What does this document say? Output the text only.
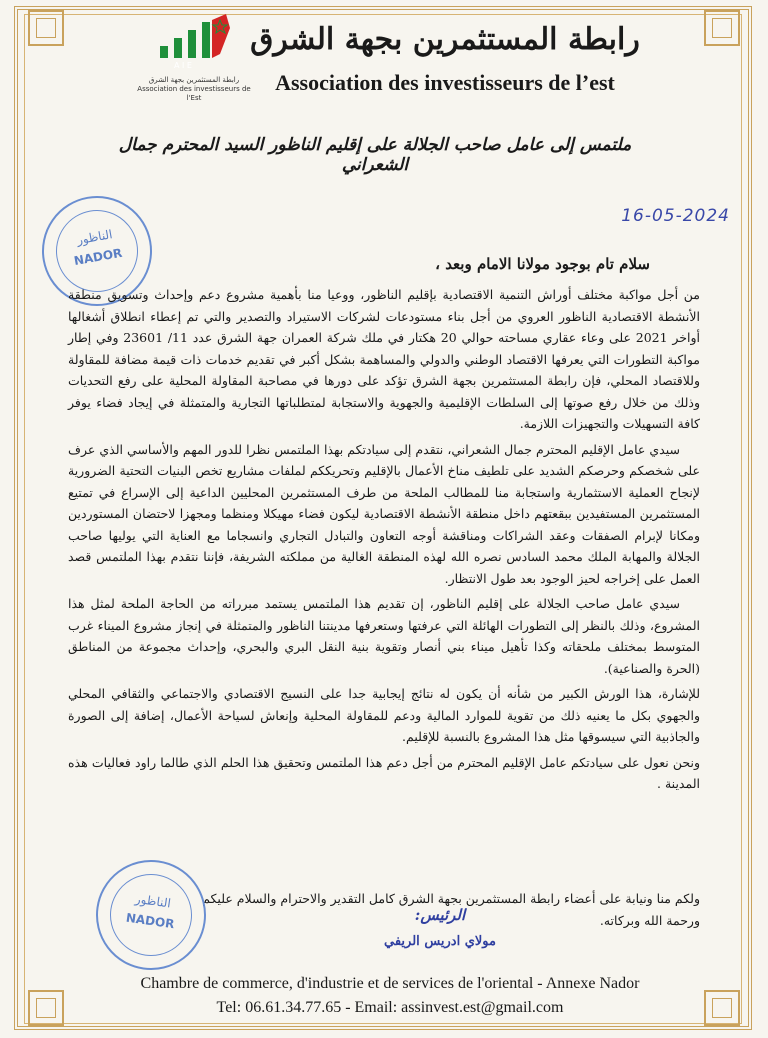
A I E
رابطة المستثمرين بجهة الشرق
Association des investisseurs de l'Est
رابطة المستثمرين بجهة الشرق
Association des investisseurs de l’est
ملتمس إلى عامل صاحب الجلالة على إقليم الناظور السيد المحترم جمال الشعراني
16-05-2024
الناظور
NADOR	سلام تام بوجود مولانا الامام وبعد ،

من أجل مواكبة مختلف أوراش التنمية الاقتصادية بإقليم الناظور، ووعيا منا بأهمية مشروع دعم وإحداث وتسويق منطقة الأنشطة الاقتصادية الناظور العروي من أجل بناء مستودعات لشركات الاستيراد والتصدير والتي تم إعطاء انطلاق أشغالها أواخر 2021 على وعاء عقاري مساحته حوالي 20 هكتار في ملك شركة العمران جهة الشرق عدد 11/ 23601 وفي إطار مواكبة التطورات التي يعرفها الاقتصاد الوطني والدولي والمساهمة بشكل أكبر في تقديم خدمات ذات قيمة مضافة للمقاولة وللاقتصاد المحلي، فإن رابطة المستثمرين بجهة الشرق تؤكد على دورها في مصاحبة المقاولة المحلية على رفع التحديات وذلك من خلال رفع صوتها إلى السلطات الإقليمية والجهوية والاستجابة لمتطلباتها التجارية والمتمثلة في إيجاد فضاء يوفر كافة التسهيلات والتجهيزات اللازمة.

سيدي عامل الإقليم المحترم جمال الشعراني، نتقدم إلى سيادتكم بهذا الملتمس نظرا للدور المهم والأساسي الذي عرف على شخصكم وحرصكم الشديد على تلطيف مناخ الأعمال بالإقليم وتحريككم لملفات مشاريع تخص البنيات التحتية الضرورية لإنجاح العملية الاستثمارية واستجابة منا للمطالب الملحة من طرف المستثمرين المحليين الداعية إلى الإسراع في تمتيع المستثمرين المستفيدين ببقعتهم داخل منطقة الأنشطة الاقتصادية ليكون فضاء مهيكلا ومنظما ومجهزا لاحتضان المستوردين ومكانا لإبرام الصفقات وعقد الشراكات ومناقشة أوجه التعاون والتبادل التجاري وانسجاما مع العناية التي يوليها صاحب الجلالة والمهابة الملك محمد السادس نصره الله لهذه المنطقة الغالية من مملكته الشريفة، فإننا نتقدم بهذا الملتمس قصد العمل على إخراجه لحيز الوجود بعد طول الانتظار.

سيدي عامل صاحب الجلالة على إقليم الناظور، إن تقديم هذا الملتمس يستمد مبرراته من الحاجة الملحة لمثل هذا المشروع، وذلك بالنظر إلى التطورات الهائلة التي عرفتها وستعرفها مدينتنا الناظور والمتمثلة في إنجاز مشروع الميناء غرب المتوسط بمختلف ملحقاته وكذا تأهيل ميناء بني أنصار وتقوية بنية النقل البري والبحري، وإحداث مجموعة من المناطق (الحرة والصناعية).

للإشارة، هذا الورش الكبير من شأنه أن يكون له نتائج إيجابية جدا على النسيج الاقتصادي والاجتماعي والثقافي المحلي والجهوي بكل ما يعنيه ذلك من تقوية للموارد المالية ودعم للمقاولة المحلية وإنعاش لسياحة الأعمال، إضافة إلى الصورة والجاذبية التي سيسوقها مثل هذا المشروع بالنسبة للإقليم.

ونحن نعول على سيادتكم عامل الإقليم المحترم من أجل دعم هذا الملتمس وتحقيق هذا الحلم الذي طالما راود فعاليات هذه المدينة .

ولكم منا ونيابة على أعضاء رابطة المستثمرين بجهة الشرق كامل التقدير والاحترام والسلام عليكم

ورحمة الله وبركاته.

الرئيس:
مولاي ادريس الريفي
الناظور
NADOR
Chambre de commerce, d'industrie et de services de l'oriental - Annexe Nador
Tel: 06.61.34.77.65 - Email: assinvest.est@gmail.com
